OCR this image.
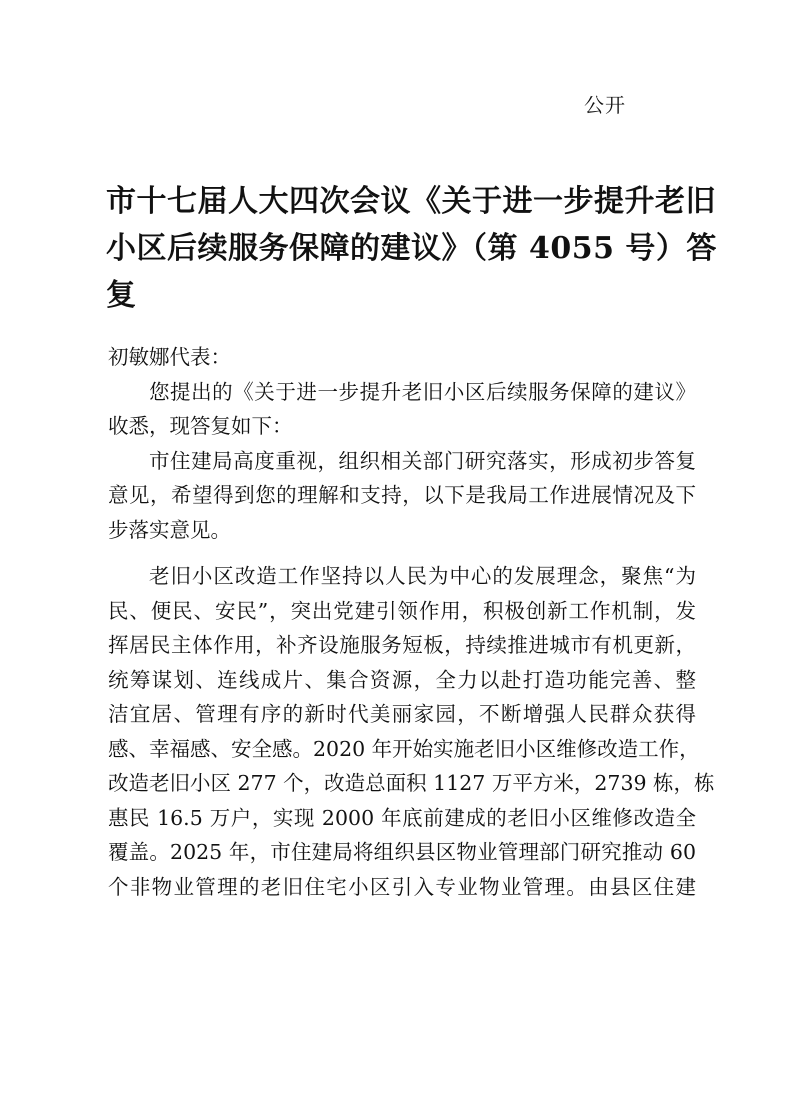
公开
市十七届人大四次会议《关于进一步提升老旧
小区后续服务保障的建议》（第 4055 号）答
复

初敏娜代表：

您提出的《关于进一步提升老旧小区后续服务保障的建议》
收悉，现答复如下：

市住建局高度重视，组织相关部门研究落实，形成初步答复
意见，希望得到您的理解和支持，以下是我局工作进展情况及下
步落实意见。

老旧小区改造工作坚持以人民为中心的发展理念，聚焦“为
民、便民、安民”，突出党建引领作用，积极创新工作机制，发
挥居民主体作用，补齐设施服务短板，持续推进城市有机更新，
统筹谋划、连线成片、集合资源，全力以赴打造功能完善、整
洁宜居、管理有序的新时代美丽家园，不断增强人民群众获得
感、幸福感、安全感。2020 年开始实施老旧小区维修改造工作，
改造老旧小区 277 个，改造总面积 1127 万平方米，2739 栋，栋
惠民 16.5 万户，实现 2000 年底前建成的老旧小区维修改造全
覆盖。2025 年，市住建局将组织县区物业管理部门研究推动 60
个非物业管理的老旧住宅小区引入专业物业管理。由县区住建
